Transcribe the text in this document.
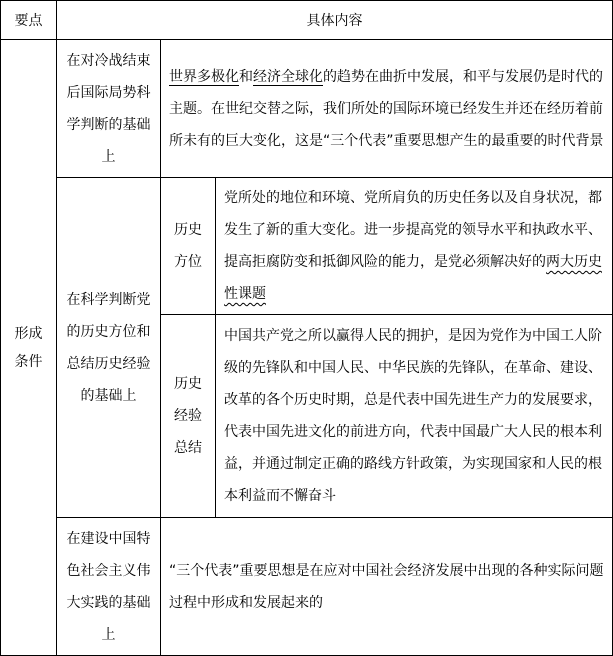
要点	具体内容		
形成条件	在对冷战结束后国际局势科学判断的基础上	世界多极化和经济全球化的趋势在曲折中发展，和平与发展仍是时代的主题。在世纪交替之际，我们所处的国际环境已经发生并还在经历着前所未有的巨大变化，这是“三个代表”重要思想产生的最重要的时代背景	
	在科学判断党的历史方位和总结历史经验的基础上	历史方位	党所处的地位和环境、党所肩负的历史任务以及自身状况，都发生了新的重大变化。进一步提高党的领导水平和执政水平、提高拒腐防变和抵御风险的能力，是党必须解决好的两大历史性课题
		历史经验总结	中国共产党之所以赢得人民的拥护，是因为党作为中国工人阶级的先锋队和中国人民、中华民族的先锋队，在革命、建设、改革的各个历史时期，总是代表中国先进生产力的发展要求，代表中国先进文化的前进方向，代表中国最广大人民的根本利益，并通过制定正确的路线方针政策，为实现国家和人民的根本利益而不懈奋斗
	在建设中国特色社会主义伟大实践的基础上	“三个代表”重要思想是在应对中国社会经济发展中出现的各种实际问题过程中形成和发展起来的	
